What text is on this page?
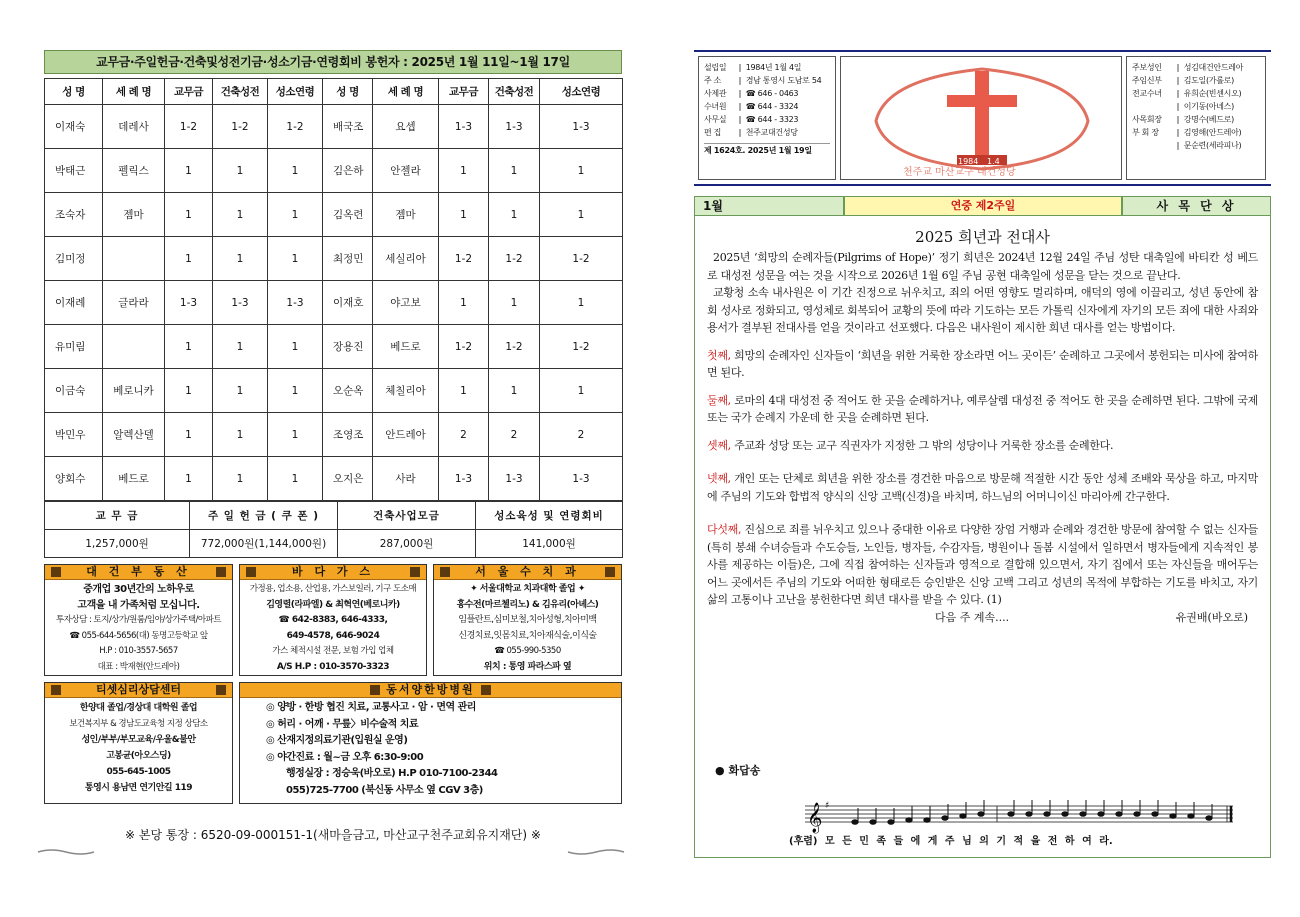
교무금·주일헌금·건축및성전기금·성소기금·연령회비 봉헌자 : 2025년 1월 11일~1월 17일
성 명	세 례 명	교무금	건축성전	성소연령	성 명	세 례 명	교무금	건축성전	성소연령
이재숙	데레사	1-2	1-2	1-2	배국조	요셉	1-3	1-3	1-3
박태근	펠릭스	1	1	1	김은하	안젤라	1	1	1
조숙자	젬마	1	1	1	김옥련	젬마	1	1	1
김미정		1	1	1	최정민	세실리아	1-2	1-2	1-2
이재례	글라라	1-3	1-3	1-3	이재호	야고보	1	1	1
유미림		1	1	1	장용진	베드로	1-2	1-2	1-2
이금숙	베로니카	1	1	1	오순옥	체칠리아	1	1	1
박민우	알렉산델	1	1	1	조영조	안드레아	2	2	2
양회수	베드로	1	1	1	오지은	사라	1-3	1-3	1-3
교 무 금	주 일 헌 금 ( 쿠 폰 )	건축사업모금	성소육성 및 연령회비
1,257,000원	772,000원(1,144,000원)	287,000원	141,000원
대 건 부 동 산
중개업 30년간의 노하우로
고객을 내 가족처럼 모십니다.
투자상담 : 토지/상가/원룸/임야/상가주택/아파트
☎ 055-644-5656(대) 동명고등학교 앞
H.P : 010-3557-5657
대표 : 박재현(안드레아)
바 다 가 스
가정용, 업소용, 산업용, 가스보일러, 기구 도소매
김영렬(라파엘) & 최혁연(베로니카)
☎ 642-8383, 646-4333,
649-4578, 646-9024
가스 체적시설 전문, 보험 가입 업체
A/S H.P : 010-3570-3323
서 울 수 치 과
✦ 서울대학교 치과대학 졸업 ✦
홍수전(마르첼리노) & 김유리(아녜스)
임플란트,심미보철,치아성형,치아미백
신경치료,잇몸치료,치아재식술,이식술
☎ 055-990-5350
위치 : 통영 파라스파 옆
티셋심리상담센터
한양대 졸업/경상대 대학원 졸업
보건복지부 & 경남도교육청 지정 상담소
성인/부부/부모교육/우울&불안
고봉균(아오스딩)
055-645-1005
통영시 용남면 연기안길 119
동서양한방병원
◎ 양방 · 한방 협진 치료, 교통사고 · 암 · 면역 관리
◎ 허리 · 어깨 · 무릎〉비수술적 치료
◎ 산재지정의료기관(입원실 운영)
◎ 야간진료 : 월~금 오후 6:30-9:00
행정실장 : 정승욱(바오로) H.P 010-7100-2344
055)725-7700 (북신동 사무소 옆 CGV 3층)
※ 본당 통장 : 6520-09-000151-1(새마을금고, 마산교구천주교회유지재단) ※
설립일	∥ 1984년 1월 4일
주 소	∥ 경남 통영시 도남로 54
사제관	∥ ☎ 646 - 0463
수녀원	∥ ☎ 644 - 3324
사무실	∥ ☎ 644 - 3323
편 집	∥ 천주교대건성당
제 1624호. 2025년 1월 19일
1984 1.4
천주교 마산교구 대건성당
주보성인	∥ 성김대건안드레아
주임신부	∥ 김도일(가롤로)
전교수녀	∥ 유희순(빈센시오)
∥ 이기동(아녜스)
사목회장	∥ 강명수(베드로)
부 회 장	∥ 김영해(안드레아)
∥ 문순련(세라피나)
1월	연중 제2주일	사 목 단 상
2025 희년과 전대사

2025년 ‘희망의 순례자들(Pilgrims of Hope)’ 정기 희년은 2024년 12월 24일 주님 성탄 대축일에 바티칸 성 베드로 대성전 성문을 여는 것을 시작으로 2026년 1월 6일 주님 공현 대축일에 성문을 닫는 것으로 끝난다.

교황청 소속 내사원은 이 기간 진정으로 뉘우치고, 죄의 어떤 영향도 멀리하며, 애덕의 영에 이끌리고, 성년 동안에 참회 성사로 정화되고, 영성체로 회복되어 교황의 뜻에 따라 기도하는 모든 가톨릭 신자에게 자기의 모든 죄에 대한 사죄와 용서가 결부된 전대사를 얻을 것이라고 선포했다. 다음은 내사원이 제시한 희년 대사를 얻는 방법이다.

첫째, 희망의 순례자인 신자들이 ‘희년을 위한 거룩한 장소라면 어느 곳이든’ 순례하고 그곳에서 봉헌되는 미사에 참여하면 된다.

둘째, 로마의 4대 대성전 중 적어도 한 곳을 순례하거나, 예루살렘 대성전 중 적어도 한 곳을 순례하면 된다. 그밖에 국제 또는 국가 순례지 가운데 한 곳을 순례하면 된다.

셋째, 주교좌 성당 또는 교구 직권자가 지정한 그 밖의 성당이나 거룩한 장소를 순례한다.

넷째, 개인 또는 단체로 희년을 위한 장소를 경건한 마음으로 방문해 적절한 시간 동안 성체 조배와 묵상을 하고, 마지막에 주님의 기도와 합법적 양식의 신앙 고백(신경)을 바치며, 하느님의 어머니이신 마리아께 간구한다.

다섯째, 진심으로 죄를 뉘우치고 있으나 중대한 이유로 다양한 장엄 거행과 순례와 경건한 방문에 참여할 수 없는 신자들(특히 봉쇄 수녀승들과 수도승들, 노인들, 병자들, 수감자들, 병원이나 돌봄 시설에서 일하면서 병자들에게 지속적인 봉사를 제공하는 이들)은, 그에 직접 참여하는 신자들과 영적으로 결합해 있으면서, 자기 집에서 또는 자신들을 매어두는 어느 곳에서든 주님의 기도와 어떠한 형태로든 승인받은 신앙 고백 그리고 성년의 목적에 부합하는 기도를 바치고, 자기 삶의 고통이나 고난을 봉헌한다면 희년 대사를 받을 수 있다. (1)

다음 주 계속....	유권배(바오로)
● 화답송
𝄞 ♯
(후렴) 모 든 민 족 들 에 게 주 님 의 기 적 을 전 하 여 라.
